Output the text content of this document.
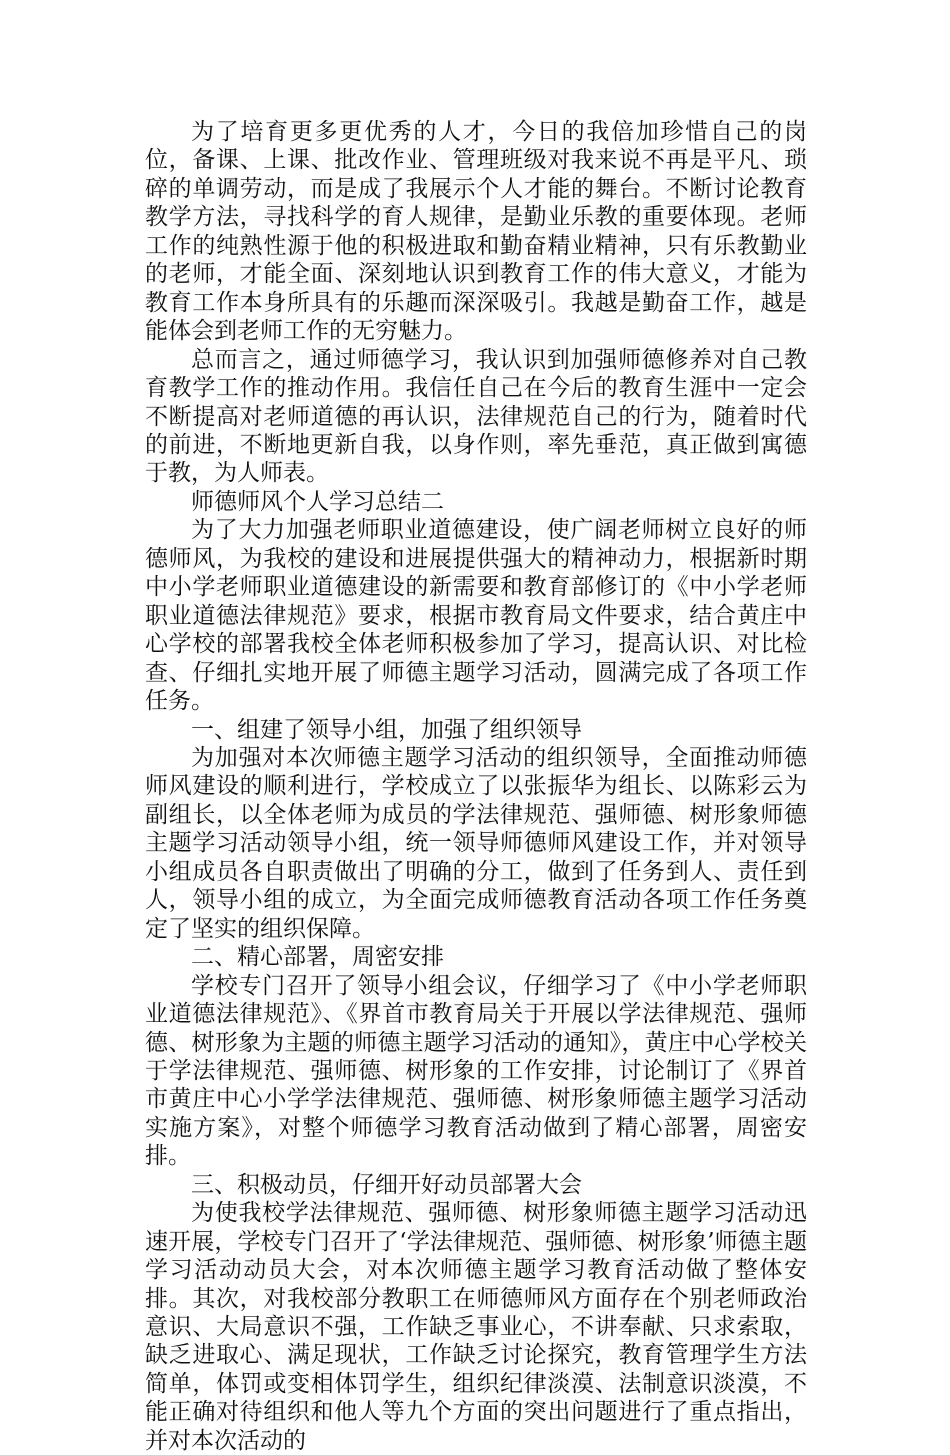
为了培育更多更优秀的人才，今日的我倍加珍惜自己的岗位，备课、上课、批改作业、管理班级对我来说不再是平凡、琐碎的单调劳动，而是成了我展示个人才能的舞台。不断讨论教育教学方法，寻找科学的育人规律，是勤业乐教的重要体现。老师工作的纯熟性源于他的积极进取和勤奋精业精神，只有乐教勤业的老师，才能全面、深刻地认识到教育工作的伟大意义，才能为教育工作本身所具有的乐趣而深深吸引。我越是勤奋工作，越是能体会到老师工作的无穷魅力。

总而言之，通过师德学习，我认识到加强师德修养对自己教育教学工作的推动作用。我信任自己在今后的教育生涯中一定会不断提高对老师道德的再认识，法律规范自己的行为，随着时代的前进，不断地更新自我，以身作则，率先垂范，真正做到寓德于教，为人师表。

师德师风个人学习总结二

为了大力加强老师职业道德建设，使广阔老师树立良好的师德师风，为我校的建设和进展提供强大的精神动力，根据新时期中小学老师职业道德建设的新需要和教育部修订的《中小学老师职业道德法律规范》要求，根据市教育局文件要求，结合黄庄中心学校的部署我校全体老师积极参加了学习，提高认识、对比检查、仔细扎实地开展了师德主题学习活动，圆满完成了各项工作任务。

一、组建了领导小组，加强了组织领导

为加强对本次师德主题学习活动的组织领导，全面推动师德师风建设的顺利进行，学校成立了以张振华为组长、以陈彩云为副组长，以全体老师为成员的学法律规范、强师德、树形象师德主题学习活动领导小组，统一领导师德师风建设工作，并对领导小组成员各自职责做出了明确的分工，做到了任务到人、责任到人，领导小组的成立，为全面完成师德教育活动各项工作任务奠定了坚实的组织保障。

二、精心部署，周密安排

学校专门召开了领导小组会议，仔细学习了《中小学老师职业道德法律规范》、《界首市教育局关于开展以学法律规范、强师德、树形象为主题的师德主题学习活动的通知》，黄庄中心学校关于学法律规范、强师德、树形象的工作安排，讨论制订了《界首市黄庄中心小学学法律规范、强师德、树形象师德主题学习活动实施方案》，对整个师德学习教育活动做到了精心部署，周密安排。

三、积极动员，仔细开好动员部署大会

为使我校学法律规范、强师德、树形象师德主题学习活动迅速开展，学校专门召开了‘学法律规范、强师德、树形象’师德主题学习活动动员大会，对本次师德主题学习教育活动做了整体安排。其次，对我校部分教职工在师德师风方面存在个别老师政治意识、大局意识不强，工作缺乏事业心，不讲奉献、只求索取，缺乏进取心、满足现状，工作缺乏讨论探究，教育管理学生方法简单，体罚或变相体罚学生，组织纪律淡漠、法制意识淡漠，不能正确对待组织和他人等九个方面的突出问题进行了重点指出，并对本次活动的
